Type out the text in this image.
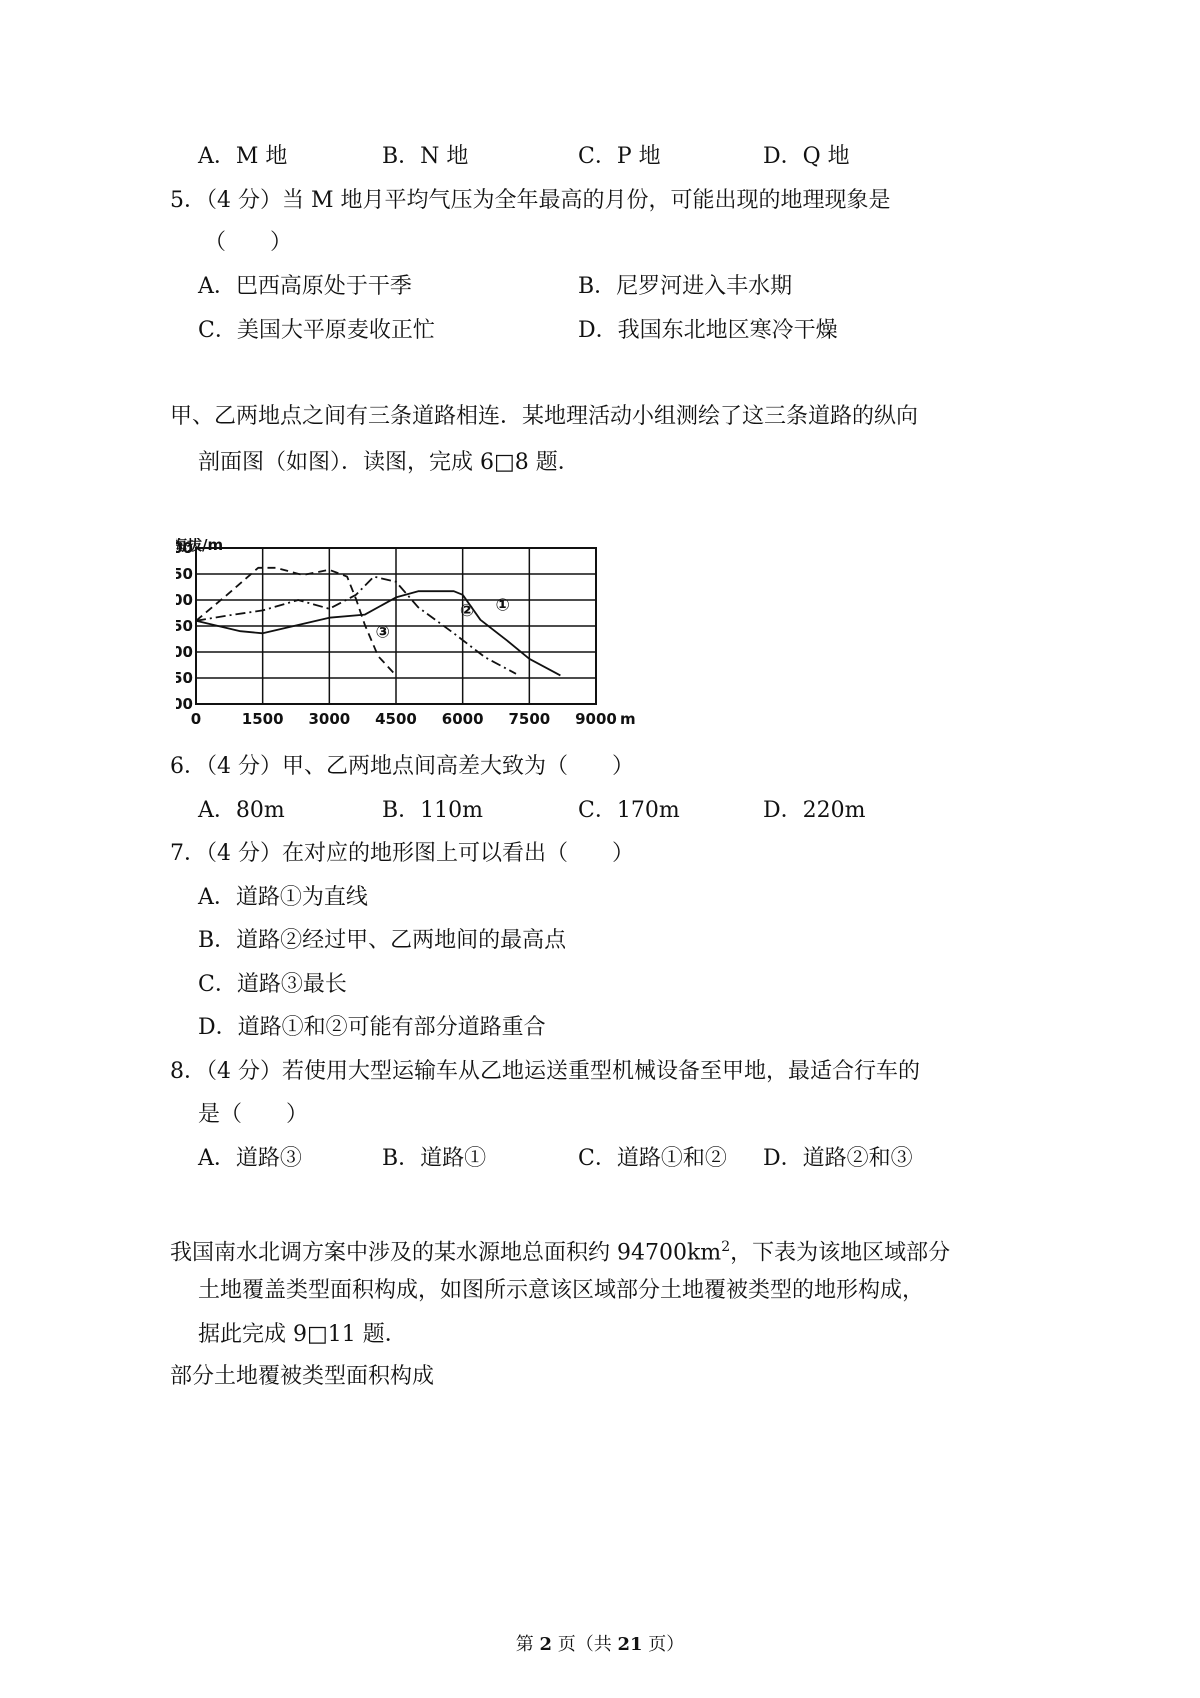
A．M 地	B．N 地	C．P 地	D．Q 地
5．（4 分）当 M 地月平均气压为全年最高的月份，可能出现的地理现象是
（　　）
A．巴西高原处于干季	B．尼罗河进入丰水期
C．美国大平原麦收正忙	D．我国东北地区寒冷干燥
甲、乙两地点之间有三条道路相连．某地理活动小组测绘了这三条道路的纵向
剖面图（如图）．读图，完成 6□8 题．
海拔/m
0	1500 3000 4500 6000 7500 9000 m
00
50
00
50
00
50
00
①
②
③
6．（4 分）甲、乙两地点间高差大致为（　　）
A．80m	B．110m	C．170m	D．220m
7．（4 分）在对应的地形图上可以看出（　　）
A．道路①为直线
B．道路②经过甲、乙两地间的最高点
C．道路③最长
D．道路①和②可能有部分道路重合
8．（4 分）若使用大型运输车从乙地运送重型机械设备至甲地，最适合行车的
是（　　）
A．道路③	B．道路①	C．道路①和② D．道路②和③
我国南水北调方案中涉及的某水源地总面积约 $94700km^2$，下表为该地区域部分
土地覆盖类型面积构成，如图所示意该区域部分土地覆被类型的地形构成，
据此完成 9□11 题．
部分土地覆被类型面积构成
第 2 页（共 21 页）
